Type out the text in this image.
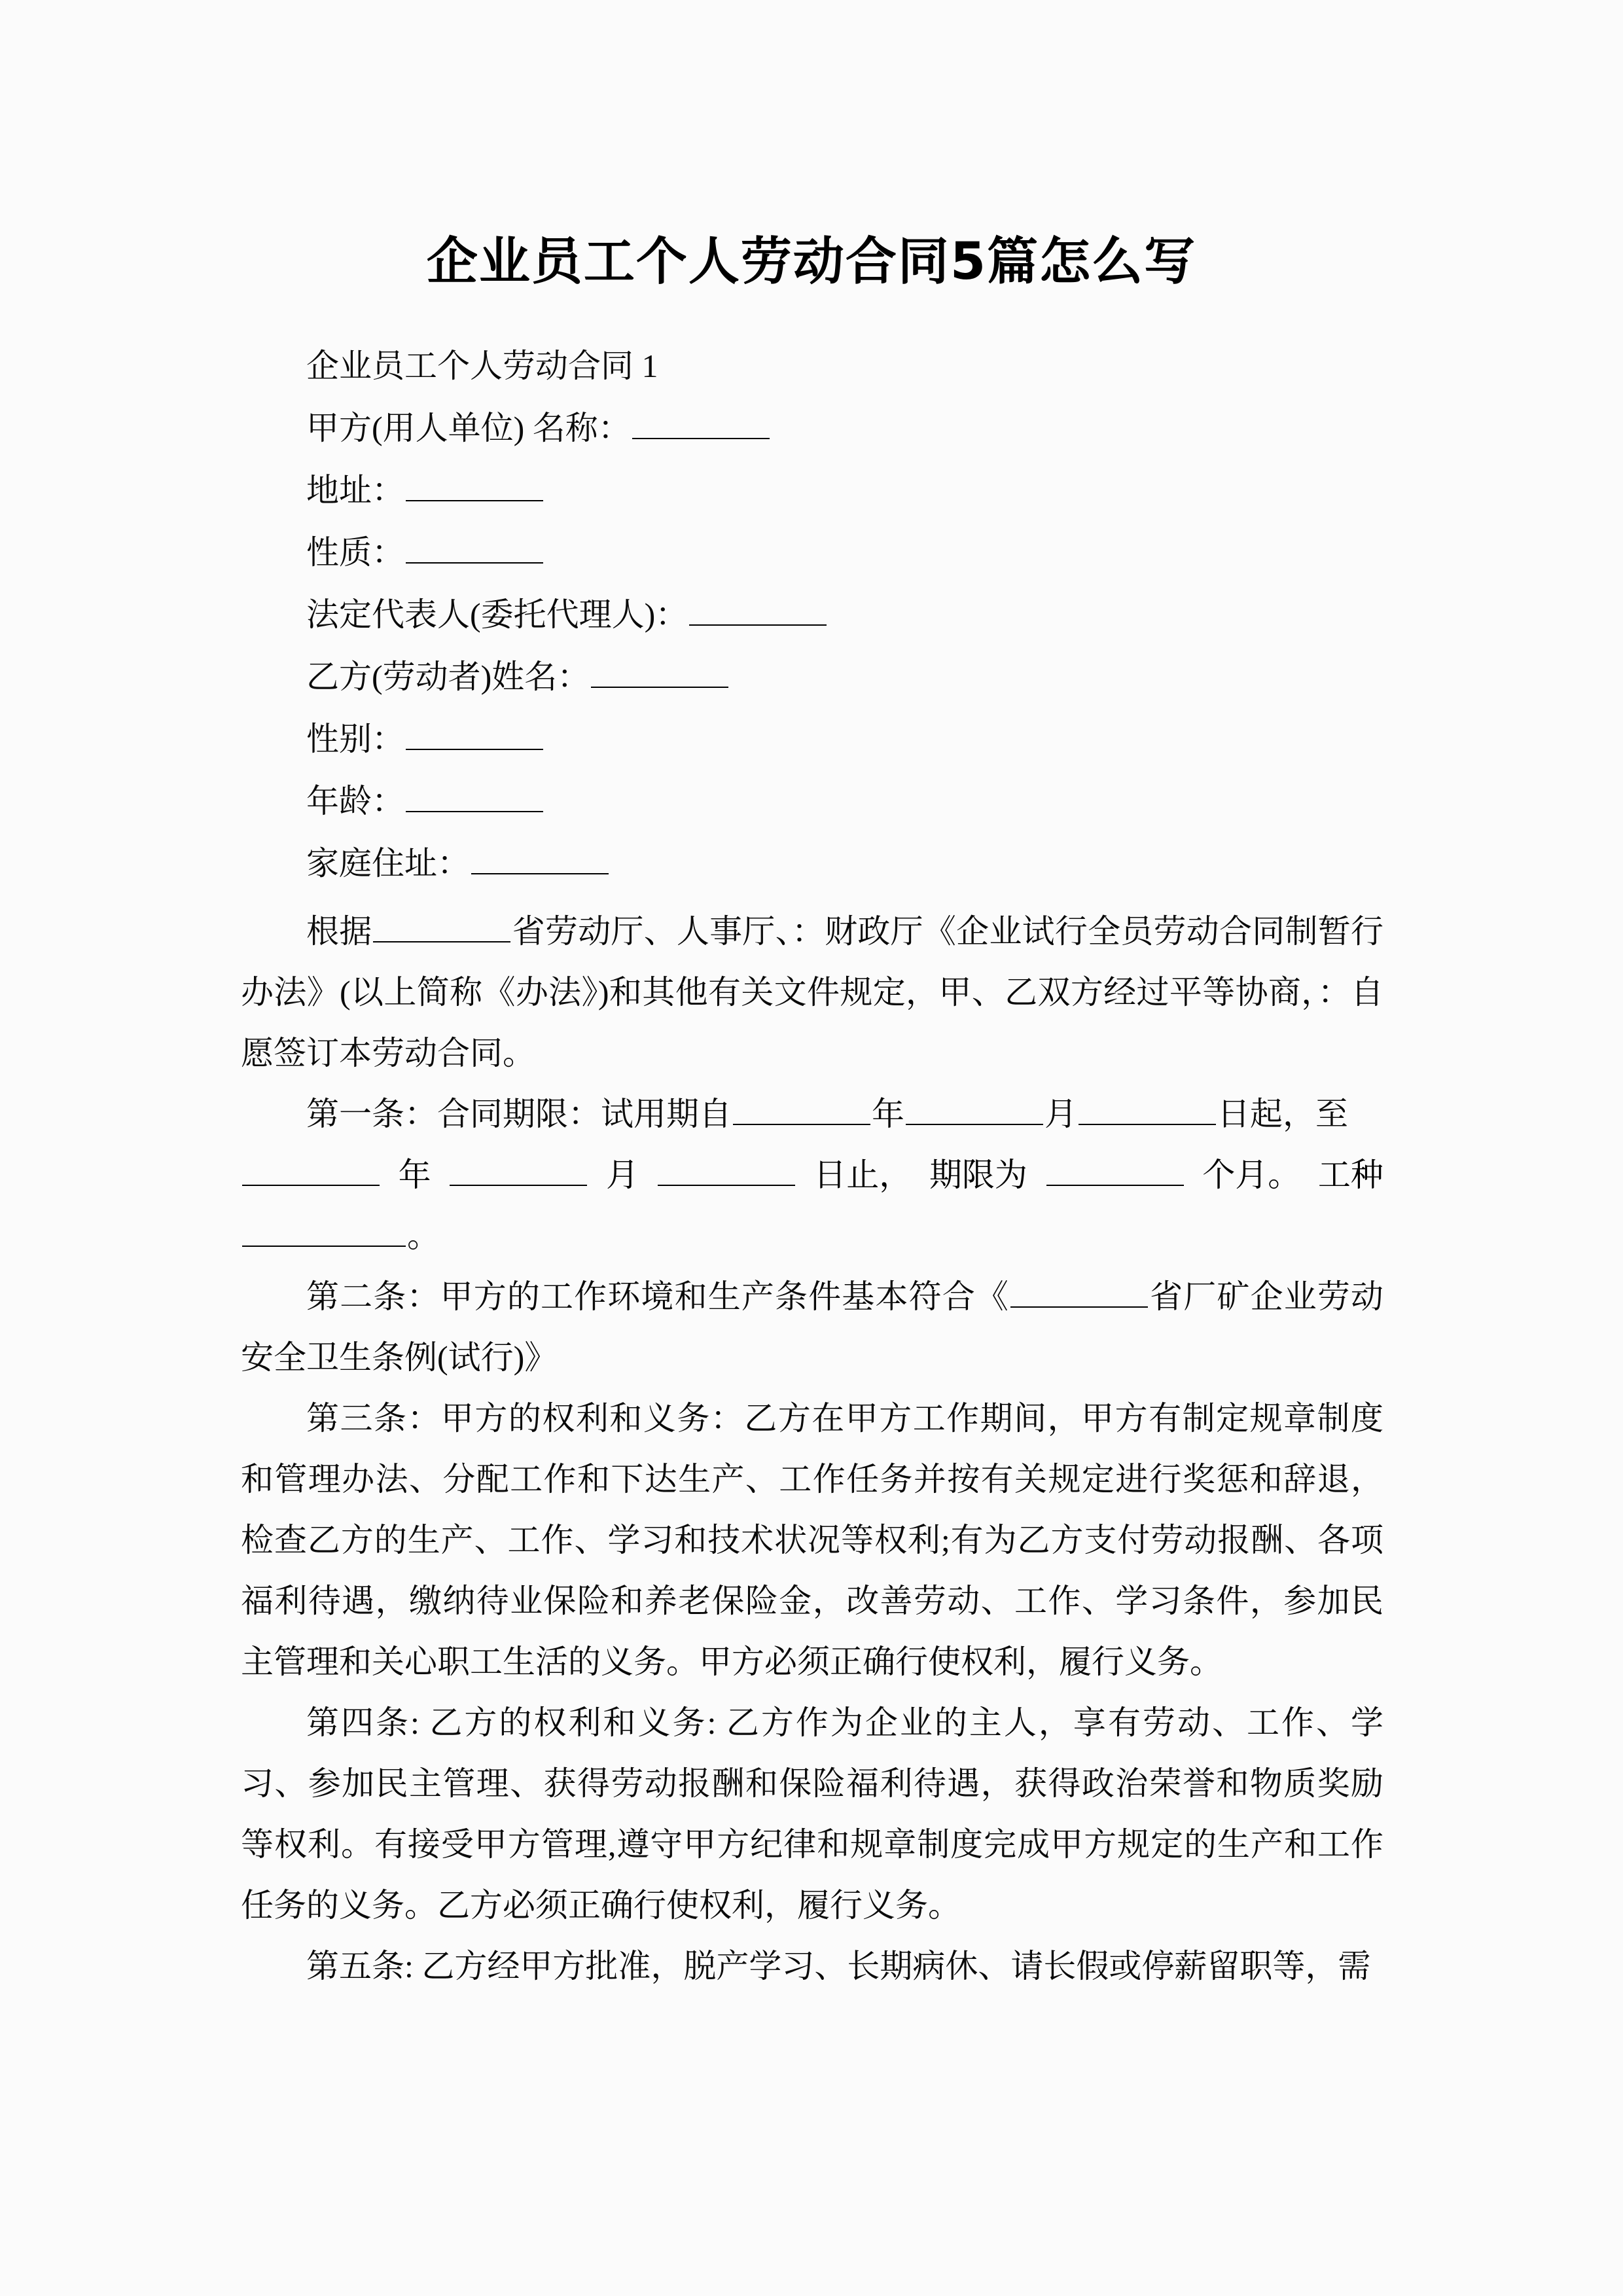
企业员工个人劳动合同5篇怎么写
企业员工个人劳动合同 1
甲方(用人单位) 名称：
地址：
性质：
法定代表人(委托代理人)：
乙方(劳动者)姓名：
性别：
年龄：
家庭住址：

根据	省劳动厅、人事厅、：财政厅《企业试行全员劳动合同制暂行办法》(以上简称《办法》)和其他有关文件规定，甲、乙双方经过平等协商，：自愿签订本劳动合同。

第一条：合同期限：试用期自	年	月	日起，至

年	月	日止， 期限为	个月。 工种

。

第二条：甲方的工作环境和生产条件基本符合《	省厂矿企业劳动安全卫生条例(试行)》

第三条：甲方的权利和义务：乙方在甲方工作期间，甲方有制定规章制度和管理办法、分配工作和下达生产、工作任务并按有关规定进行奖惩和辞退，检查乙方的生产、工作、学习和技术状况等权利;有为乙方支付劳动报酬、各项福利待遇，缴纳待业保险和养老保险金，改善劳动、工作、学习条件，参加民主管理和关心职工生活的义务。甲方必须正确行使权利，履行义务。

第四条: 乙方的权利和义务: 乙方作为企业的主人，享有劳动、工作、学习、参加民主管理、获得劳动报酬和保险福利待遇，获得政治荣誉和物质奖励等权利。有接受甲方管理,遵守甲方纪律和规章制度完成甲方规定的生产和工作任务的义务。乙方必须正确行使权利，履行义务。

第五条: 乙方经甲方批准，脱产学习、长期病休、请长假或停薪留职等，需
